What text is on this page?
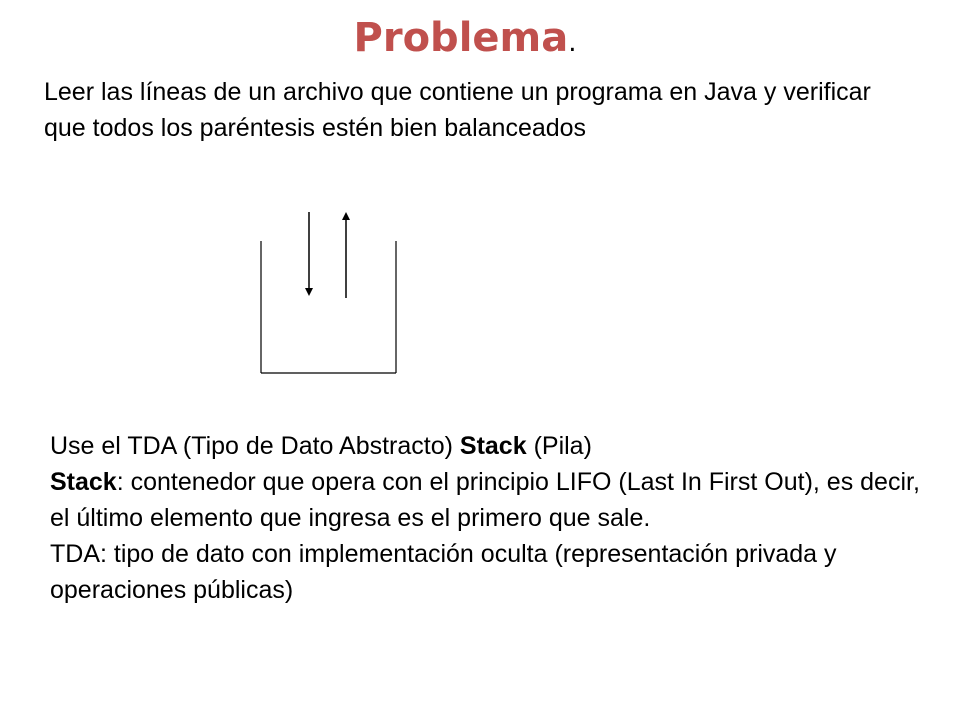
Problema.

Leer las líneas de un archivo que contiene un programa en Java y verificar que todos los paréntesis estén bien balanceados

Use el TDA (Tipo de Dato Abstracto) Stack (Pila)

Stack: contenedor que opera con el principio LIFO (Last In First Out), es decir, el último elemento que ingresa es el primero que sale.

TDA: tipo de dato con implementación oculta (representación privada y operaciones públicas)
